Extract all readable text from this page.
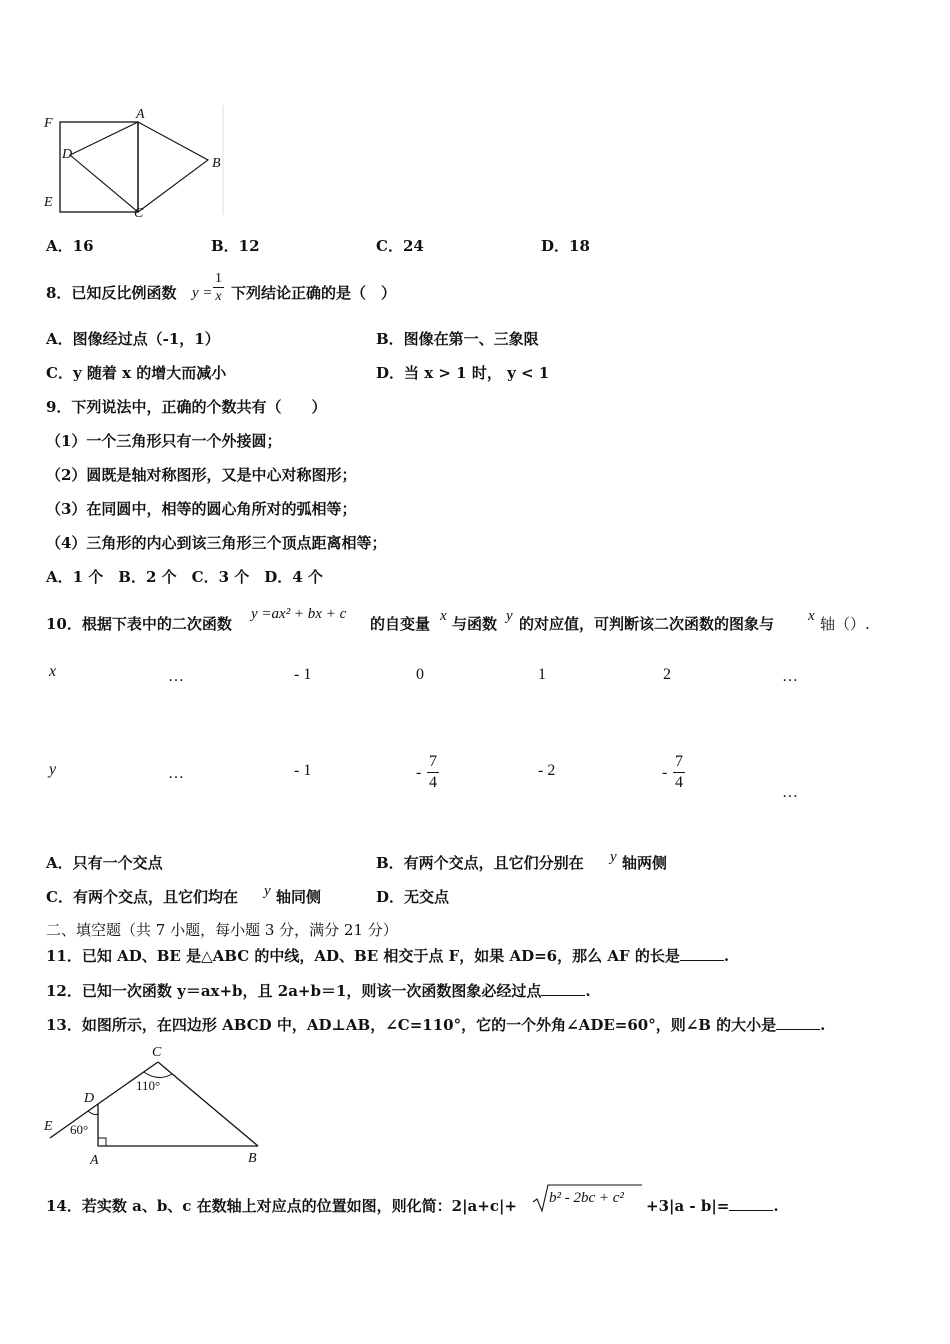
F
A
D
B
E
C
A．16	B．12	C．24	D．18
8．已知反比例函数 $y = \frac{1}{x}$ 下列结论正确的是（　）
A．图像经过点（-1，1）	B．图像在第一、三象限
C．y 随着 x 的增大而减小	D．当 x > 1 时， y < 1
9．下列说法中，正确的个数共有（　　）
（1）一个三角形只有一个外接圆；
（2）圆既是轴对称图形，又是中心对称图形；
（3）在同圆中，相等的圆心角所对的弧相等；
（4）三角形的内心到该三角形三个顶点距离相等；
A．1 个　B．2 个　C．3 个　D．4 个
10．根据下表中的二次函数
y =ax² + bx + c
的自变量 x 与函数 y 的对应值，可判断该二次函数的图象与 x 轴（）.
x	…	- 1	0	1	2	…
y	…	- 1	- $\frac{7}{4}$	- 2	- $\frac{7}{4}$	…
A．只有一个交点	B．有两个交点，且它们分别在 y 轴两侧
C．有两个交点，且它们均在 y 轴同侧	D．无交点
二、填空题（共 7 小题，每小题 3 分，满分 21 分）
11．已知 AD、BE 是△ABC 的中线，AD、BE 相交于点 F，如果 AD=6，那么 AF 的长是	.
12．已知一次函数 y＝ax+b，且 2a+b＝1，则该一次函数图象必经过点	.
13．如图所示，在四边形 ABCD 中，AD⊥AB，∠C=110°，它的一个外角∠ADE=60°，则∠B 的大小是	.
C
110°
D
E 60°
A	B
14．若实数 a、b、c 在数轴上对应点的位置如图，则化简：2|a+c|+ b² - 2bc + c² +3|a - b|=	.
